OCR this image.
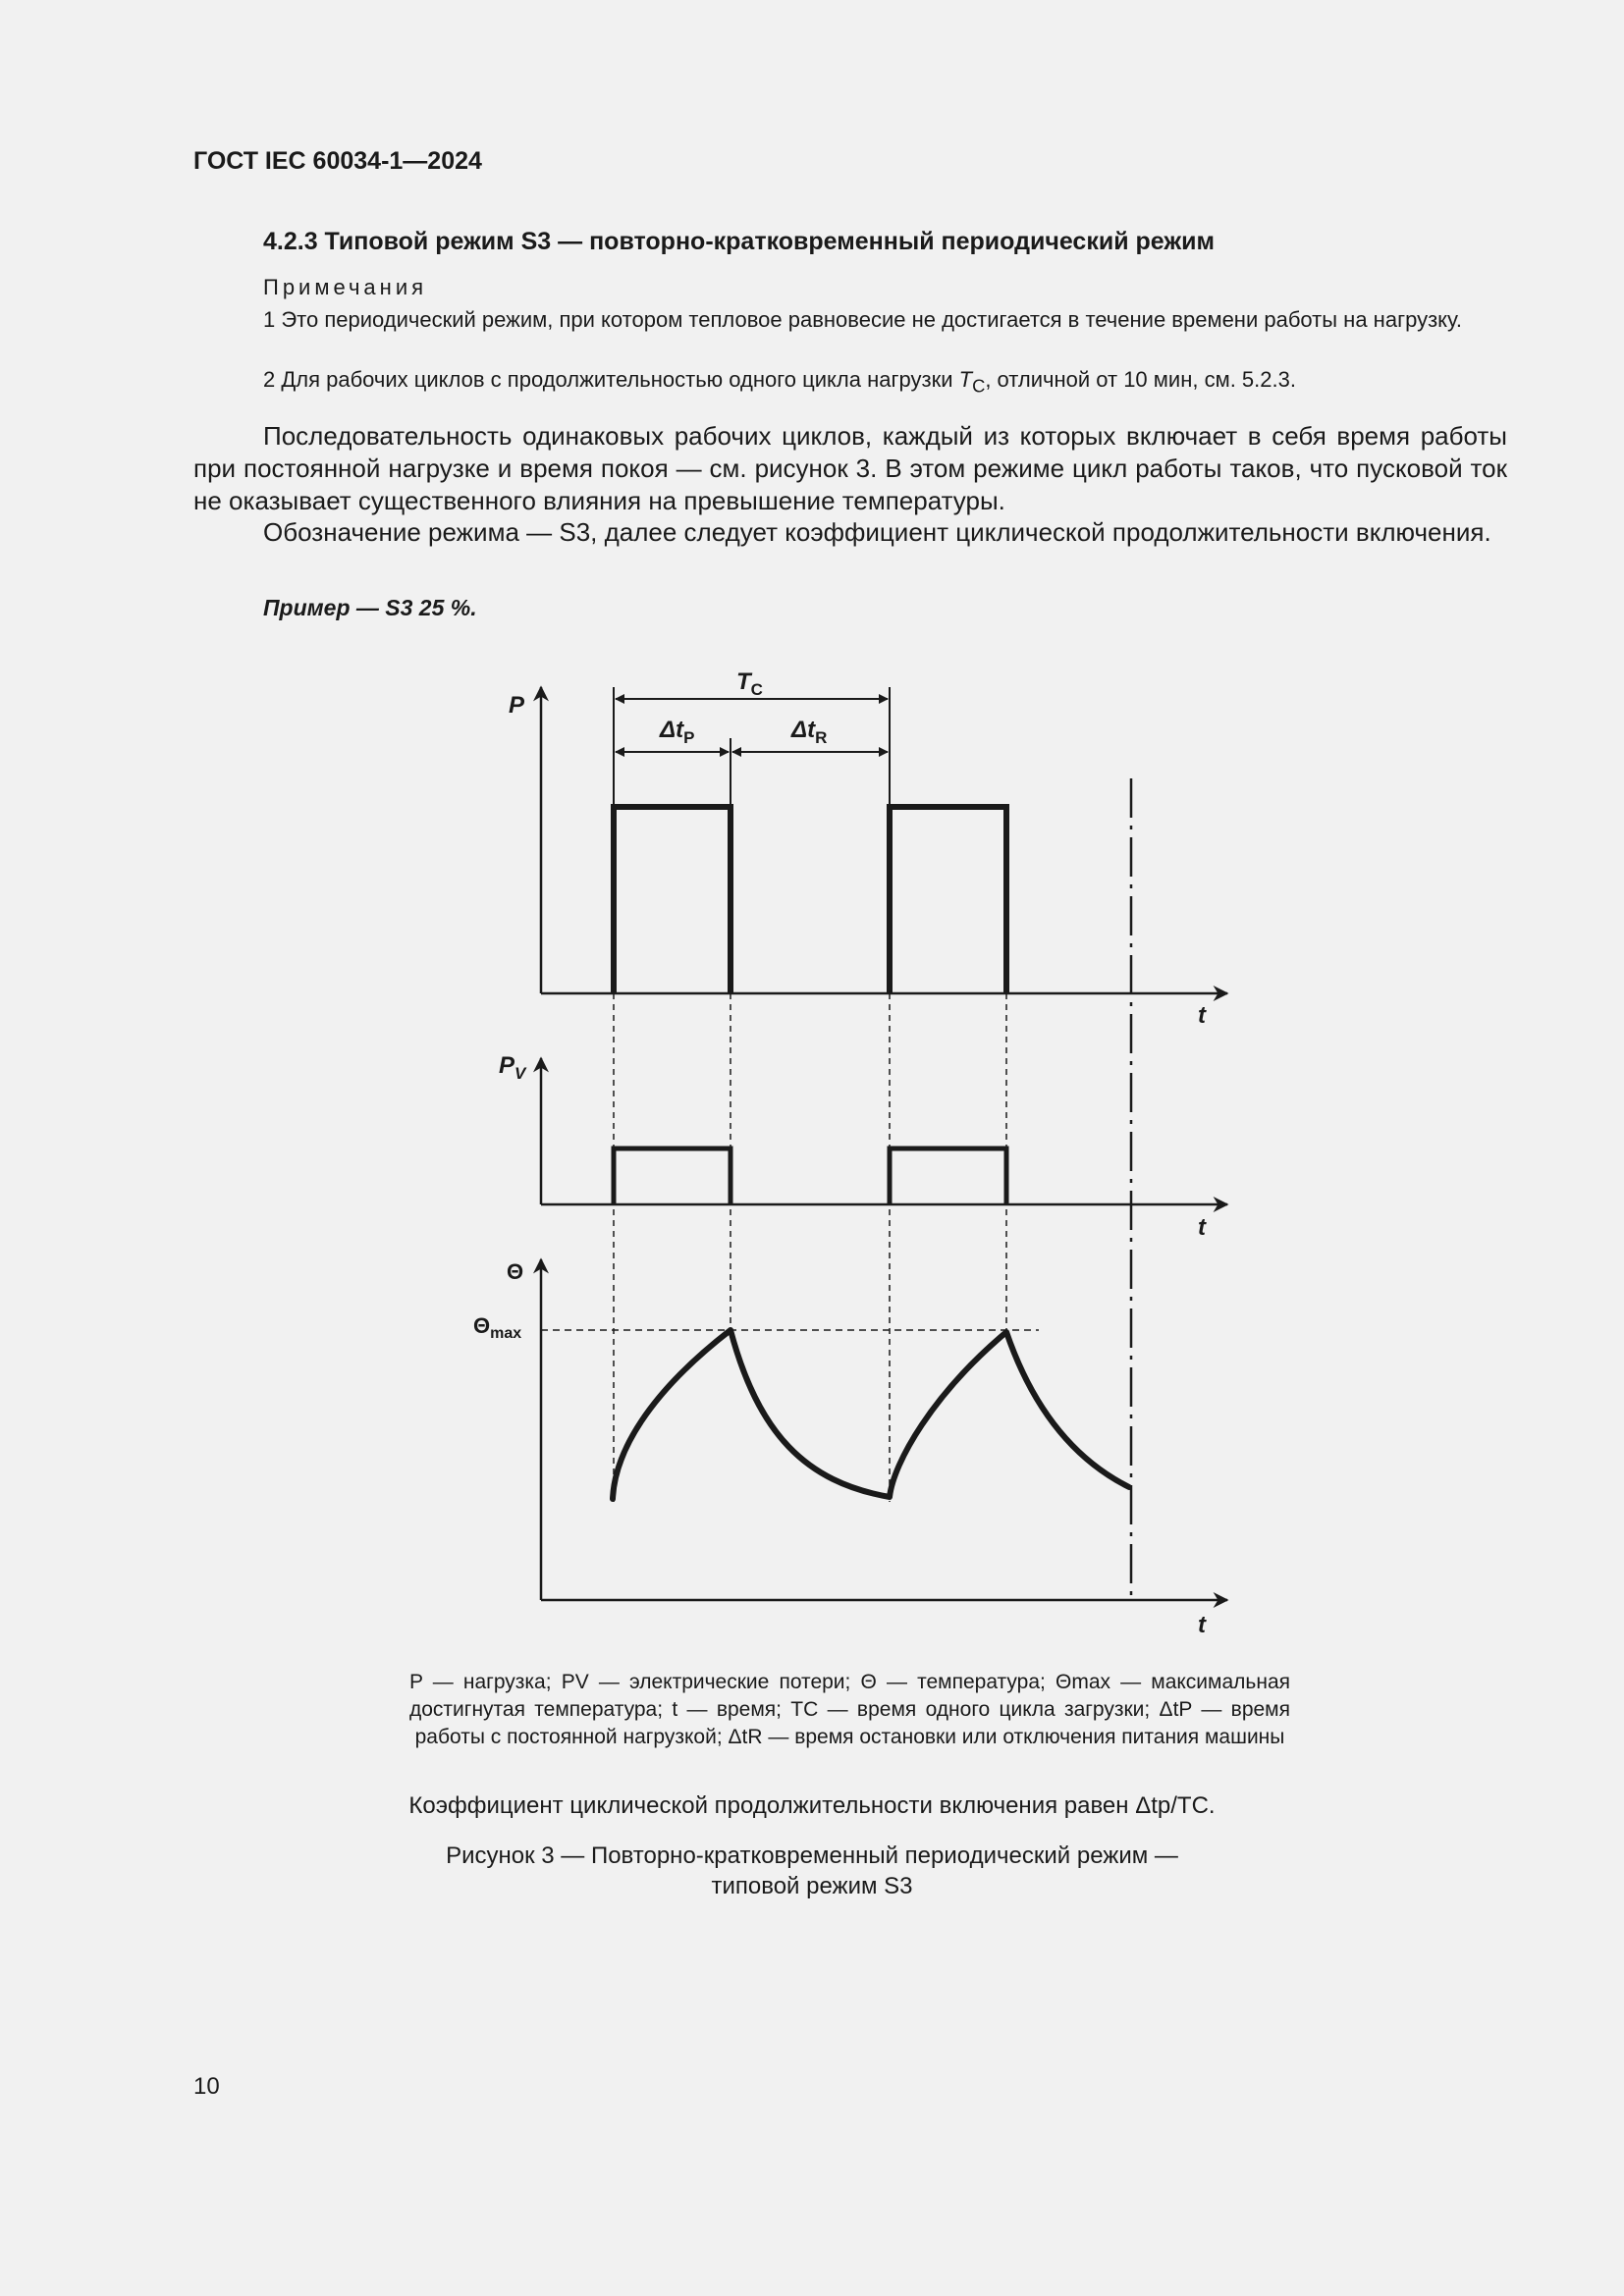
ГОСТ IEC 60034-1—2024
4.2.3 Типовой режим S3 — повторно-кратковременный периодический режим
Примечания
1 Это периодический режим, при котором тепловое равновесие не достигается в течение времени работы на нагрузку.
2 Для рабочих циклов с продолжительностью одного цикла нагрузки $T_C$, отличной от 10 мин, см. 5.2.3.
Последовательность одинаковых рабочих циклов, каждый из которых включает в себя время работы при постоянной нагрузке и время покоя — см. рисунок 3. В этом режиме цикл работы таков, что пусковой ток не оказывает существенного влияния на превышение температуры.
Обозначение режима — S3, далее следует коэффициент циклической продолжительности включения.
Пример — S3 25 %.
P
$P_V$
Θ
$\Theta_{max}$
t
t
t
$T_C$
$\Delta t_P$	$\Delta t_R$
P — нагрузка; PV — электрические потери; Θ — температура; Θmax — максимальная достигнутая температура; t — время; TC — время одного цикла загрузки; ΔtP — время работы с постоянной нагрузкой; ΔtR — время остановки или отключения питания машины
Коэффициент циклической продолжительности включения равен Δtp/TC.
Рисунок 3 — Повторно-кратковременный периодический режим —
типовой режим S3
10
